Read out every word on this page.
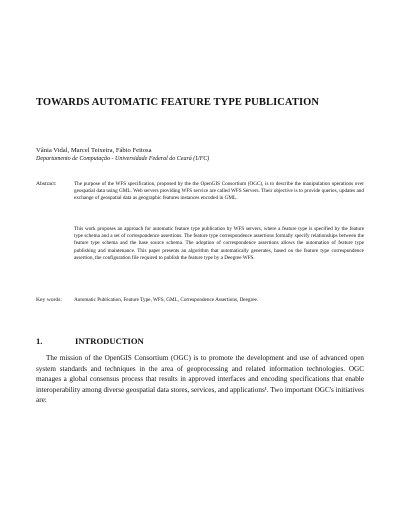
TOWARDS AUTOMATIC FEATURE TYPE PUBLICATION
Vânia Vidal, Marcel Teixeira, Fábio Feitosa
Departamento de Computação - Universidade Federal do Ceará (UFC)
Abstract:	The purpose of the WFS specification, proposed by the the OpenGIS Consortium (OGC), is to describe the manipulation operations over geospatial data using GML. Web servers providing WFS service are called WFS Servers. Their objective is to provide queries, updates and exchange of geospatial data as geographic features instances encoded in GML.
This work proposes an approach for automatic feature type publication by WFS servers, where a feature type is specified by the feature type schema and a set of correspondence assertions. The feature type correspondence assertions formally specify relationships between the feature type schema and the base source schema. The adoption of correspondence assertions allows the automation of feature type publishing and maintenance. This paper presents an algorithm that automatically generates, based on the feature type correspondence assertion, the configuration file required to publish the feature type by a Deegree WFS.
Key words: Automatic Publication, Feature Type, WFS, GML, Correspondence Assertions, Deegree.
1.	INTRODUCTION
The mission of the OpenGIS Consortium (OGC) is to promote the development and use of advanced open system standards and techniques in the area of geoprocessing and related information technologies. OGC manages a global consensus process that results in approved interfaces and encoding specifications that enable interoperability among diverse geospatial data stores, services, and applications¹. Two important OGC's initiatives are:
